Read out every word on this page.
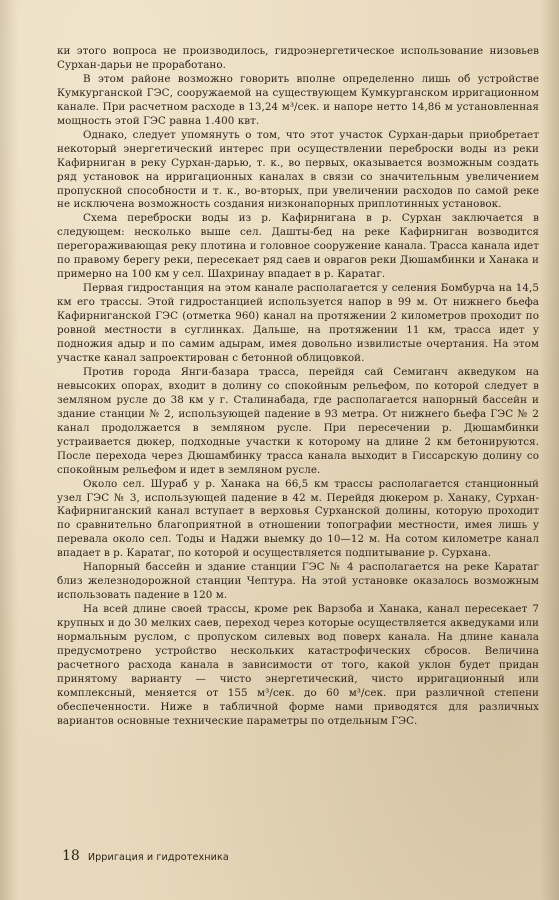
ки этого вопроса не производилось, гидроэнергетическое использование низовьев Сурхан-дарьи не проработано.

В этом районе возможно говорить вполне определенно лишь об устройстве Кумкурганской ГЭС, сооружаемой на существующем Кумкурганском ирригационном канале. При расчетном расходе в 13,24 м³/сек. и напоре нетто 14,86 м установленная мощность этой ГЭС равна 1.400 квт.

Однако, следует упомянуть о том, что этот участок Сурхан-дарьи приобретает некоторый энергетический интерес при осуществлении переброски воды из реки Кафирниган в реку Сурхан-дарью, т. к., во первых, оказывается возможным создать ряд установок на ирригационных каналах в связи со значительным увеличением пропускной способности и т. к., во-вторых, при увеличении расходов по самой реке не исключена возможность создания низконапорных приплотинных установок.

Схема переброски воды из р. Кафирнигана в р. Сурхан заключается в следующем: несколько выше сел. Дашты-бед на реке Кафирниган возводится перегораживающая реку плотина и головное сооружение канала. Трасса канала идет по правому берегу реки, пересекает ряд саев и оврагов реки Дюшамбинки и Ханака и примерно на 100 км у сел. Шахринау впадает в р. Каратаг.

Первая гидростанция на этом канале располагается у селения Бомбурча на 14,5 км его трассы. Этой гидростанцией используется напор в 99 м. От нижнего бьефа Кафирниганской ГЭС (отметка 960) канал на протяжении 2 километров проходит по ровной местности в суглинках. Дальше, на протяжении 11 км, трасса идет у подножия адыр и по самим адырам, имея довольно извилистые очертания. На этом участке канал запроектирован с бетонной облицовкой.

Против города Янги-базара трасса, перейдя сай Семиганч акведуком на невысоких опорах, входит в долину со спокойным рельефом, по которой следует в земляном русле до 38 км у г. Сталинабада, где располагается напорный бассейн и здание станции № 2, использующей падение в 93 метра. От нижнего бьефа ГЭС № 2 канал продолжается в земляном русле. При пересечении р. Дюшамбинки устраивается дюкер, подходные участки к которому на длине 2 км бетонируются. После перехода через Дюшамбинку трасса канала выходит в Гиссарскую долину со спокойным рельефом и идет в земляном русле.

Около сел. Шураб у р. Ханака на 66,5 км трассы располагается станционный узел ГЭС № 3, использующей падение в 42 м. Перейдя дюкером р. Ханаку, Сурхан-Кафирниганский канал вступает в верховья Сурханской долины, которую проходит по сравнительно благоприятной в отношении топографии местности, имея лишь у перевала около сел. Тоды и Наджи выемку до 10—12 м. На сотом километре канал впадает в р. Каратаг, по которой и осуществляется подпитывание р. Сурхана.

Напорный бассейн и здание станции ГЭС № 4 располагается на реке Каратаг близ железнодорожной станции Чептура. На этой установке оказалось возможным использовать падение в 120 м.

На всей длине своей трассы, кроме рек Варзоба и Ханака, канал пересекает 7 крупных и до 30 мелких саев, переход через которые осуществляется акведуками или нормальным руслом, с пропуском силевых вод поверх канала. На длине канала предусмотрено устройство нескольких катастрофических сбросов. Величина расчетного расхода канала в зависимости от того, какой уклон будет придан принятому варианту — чисто энергетический, чисто ирригационный или комплексный, меняется от 155 м³/сек. до 60 м³/сек. при различной степени обеспеченности. Ниже в табличной форме нами приводятся для различных вариантов основные технические параметры по отдельным ГЭС.

18 Ирригация и гидротехника
